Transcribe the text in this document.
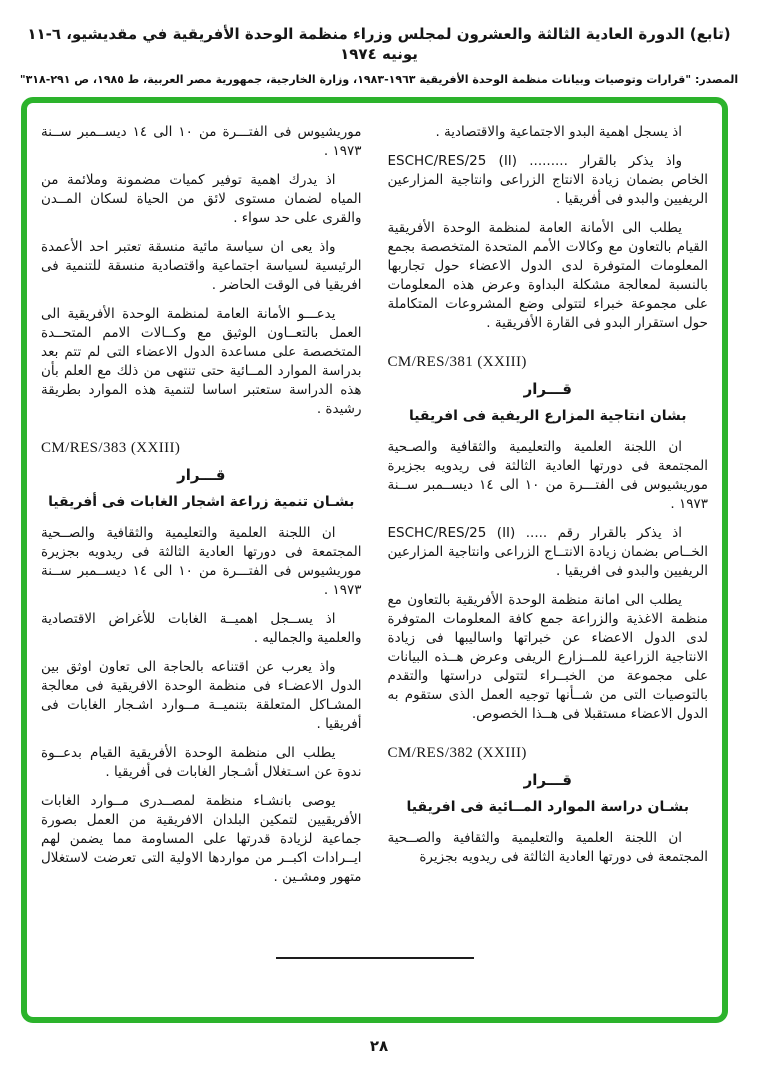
(تابع) الدورة العادية الثالثة والعشرون لمجلس وزراء منظمة الوحدة الأفريقية في مقديشيو، ٦-١١ يونيه ١٩٧٤
المصدر: "قرارات وتوصيات وبيانات منظمة الوحدة الأفريقية ١٩٦٣-١٩٨٣، وزارة الخارجية، جمهورية مصر العربية، ط ١٩٨٥، ص ٢٩١-٣١٨"

اذ يسجل اهمية البدو الاجتماعية والاقتصادية .

واذ يذكر بالقرار ......... ESCHC/RES/25 (II) الخاص بضمان زيادة الانتاج الزراعى وانتاجية المزارعين الريفيين والبدو فى أفريقيا .

يطلب الى الأمانة العامة لمنظمة الوحدة الأفريقية القيام بالتعاون مع وكالات الأمم المتحدة المتخصصة بجمع المعلومات المتوفرة لدى الدول الاعضاء حول تجاربها بالنسبة لمعالجة مشكلة البداوة وعرض هذه المعلومات على مجموعة خبراء لتتولى وضع المشروعات المتكاملة حول استقرار البدو فى القارة الأفريقية .

CM/RES/381 (XXIII)
قـــرار
بشان انتاجية المزارع الريفية فى افريقيا

ان اللجنة العلمية والتعليمية والثقافية والصـحية المجتمعة فى دورتها العادية الثالثة فى ريدويه بجزيرة موريشيوس فى الفتـــرة من ١٠ الى ١٤ ديســمبر ســنة ١٩٧٣ .

اذ يذكر بالقرار رقم ..... ESCHC/RES/25 (II) الخــاص بضمان زيادة الانتــاج الزراعى وانتاجية المزارعين الريفيين والبدو فى افريقيا .

يطلب الى امانة منظمة الوحدة الأفريقية بالتعاون مع منظمة الاغذية والزراعة جمع كافة المعلومات المتوفرة لدى الدول الاعضاء عن خبراتها واساليبها فى زيادة الانتاجية الزراعية للمــزارع الريفى وعرض هــذه البيانات على مجموعة من الخبــراء لتتولى دراستها والتقدم بالتوصيات التى من شــأنها توجيه العمل الذى ستقوم به الدول الاعضاء مستقبلا فى هــذا الخصوص.

CM/RES/382 (XXIII)
قـــرار
بشـان دراسة الموارد المــائية فى افريقيا

ان اللجنة العلمية والتعليمية والثقافية والصــحية المجتمعة فى دورتها العادية الثالثة فى ريدويه بجزيرة

موريشيوس فى الفتـــرة من ١٠ الى ١٤ ديســمبر ســنة ١٩٧٣ .

اذ يدرك اهمية توفير كميات مضمونة وملائمة من المياه لضمان مستوى لائق من الحياة لسكان المــدن والقرى على حد سواء .

واذ يعى ان سياسة مائية منسقة تعتبر احد الأعمدة الرئيسية لسياسة اجتماعية واقتصادية منسقة للتنمية فى افريقيا فى الوقت الحاضر .

يدعـــو الأمانة العامة لمنظمة الوحدة الأفريقية الى العمل بالتعــاون الوثيق مع وكــالات الامم المتحــدة المتخصصة على مساعدة الدول الاعضاء التى لم تتم بعد بدراسة الموارد المــائية حتى تنتهى من ذلك مع العلم بأن هذه الدراسة ستعتبر اساسا لتنمية هذه الموارد بطريقة رشيدة .

CM/RES/383 (XXIII)
قـــرار
بشـان تنمية زراعة اشجار الغابات فى أفريقيا

ان اللجنة العلمية والتعليمية والثقافية والصــحية المجتمعة فى دورتها العادية الثالثة فى ريدويه بجزيرة موريشيوس فى الفتـــرة من ١٠ الى ١٤ ديســمبر ســنة ١٩٧٣ .

اذ يســجل اهميــة الغابات للأغراض الاقتصادية والعلمية والجماليه .

واذ يعرب عن اقتناعه بالحاجة الى تعاون اوثق بين الدول الاعضـاء فى منظمة الوحدة الافريقية فى معالجة المشـاكل المتعلقة بتنميــة مــوارد اشـجار الغابات فى أفريقيا .

يطلب الى منظمة الوحدة الأفريقية القيام بدعــوة ندوة عن اسـتغلال أشـجار الغابات فى أفريقيا .

يوصى بانشـاء منظمة لمصــدرى مــوارد الغابات الأفريقيين لتمكين البلدان الافريقية من العمل بصورة جماعية لزيادة قدرتها على المساومة مما يضمن لهم ايــرادات اكبــر من مواردها الاولية التى تعرضت لاستغلال متهور ومشـين .

٢٨
